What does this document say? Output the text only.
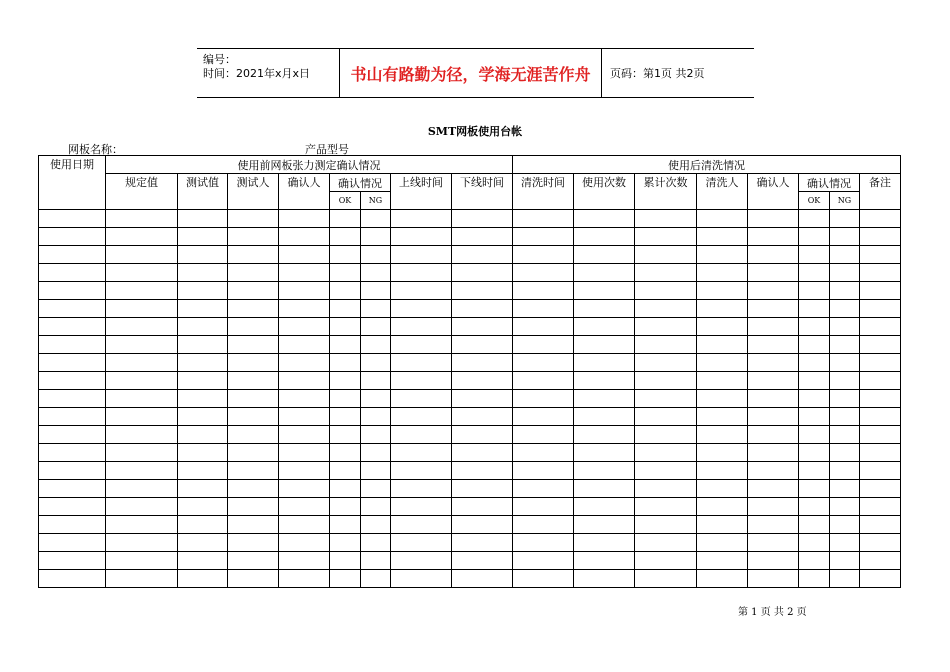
编号：
时间：2021年x月x日	书山有路勤为径，学海无涯苦作舟	页码：第1页 共2页
SMT网板使用台帐
网板名称：	产品型号
使用日期	使用前网板张力测定确认情况								使用后清洗情况							
	规定值	测试值	测试人	确认人	确认情况		上线时间	下线时间	清洗时间	使用次数	累计次数	清洗人	确认人	确认情况		备注
					OK	NG								OK	NG	

第 1 页 共 2 页
